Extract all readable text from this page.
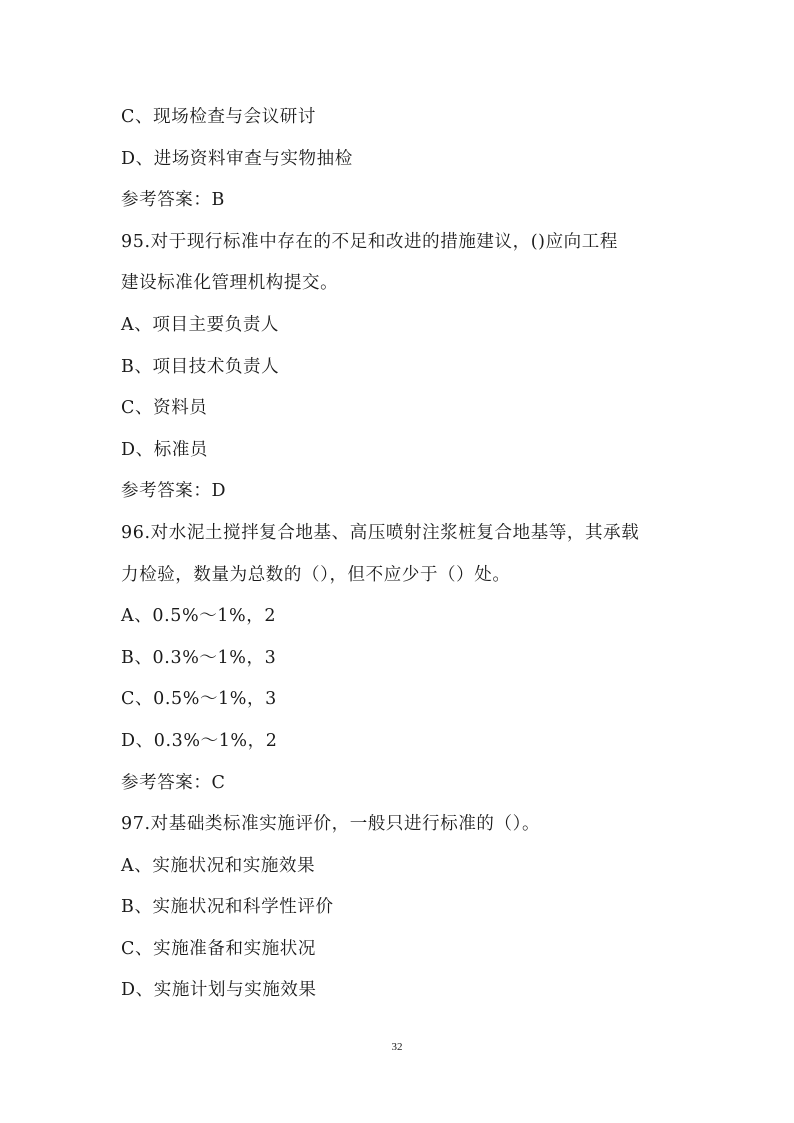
C、现场检查与会议研讨
D、进场资料审查与实物抽检
参考答案：B
95.对于现行标准中存在的不足和改进的措施建议，()应向工程
建设标准化管理机构提交。
A、项目主要负责人
B、项目技术负责人
C、资料员
D、标准员
参考答案：D
96.对水泥土搅拌复合地基、高压喷射注浆桩复合地基等，其承载
力检验，数量为总数的（），但不应少于（）处。
A、0.5%～1%，2
B、0.3%～1%，3
C、0.5%～1%，3
D、0.3%～1%，2
参考答案：C
97.对基础类标准实施评价，一般只进行标准的（）。
A、实施状况和实施效果
B、实施状况和科学性评价
C、实施准备和实施状况
D、实施计划与实施效果
32
